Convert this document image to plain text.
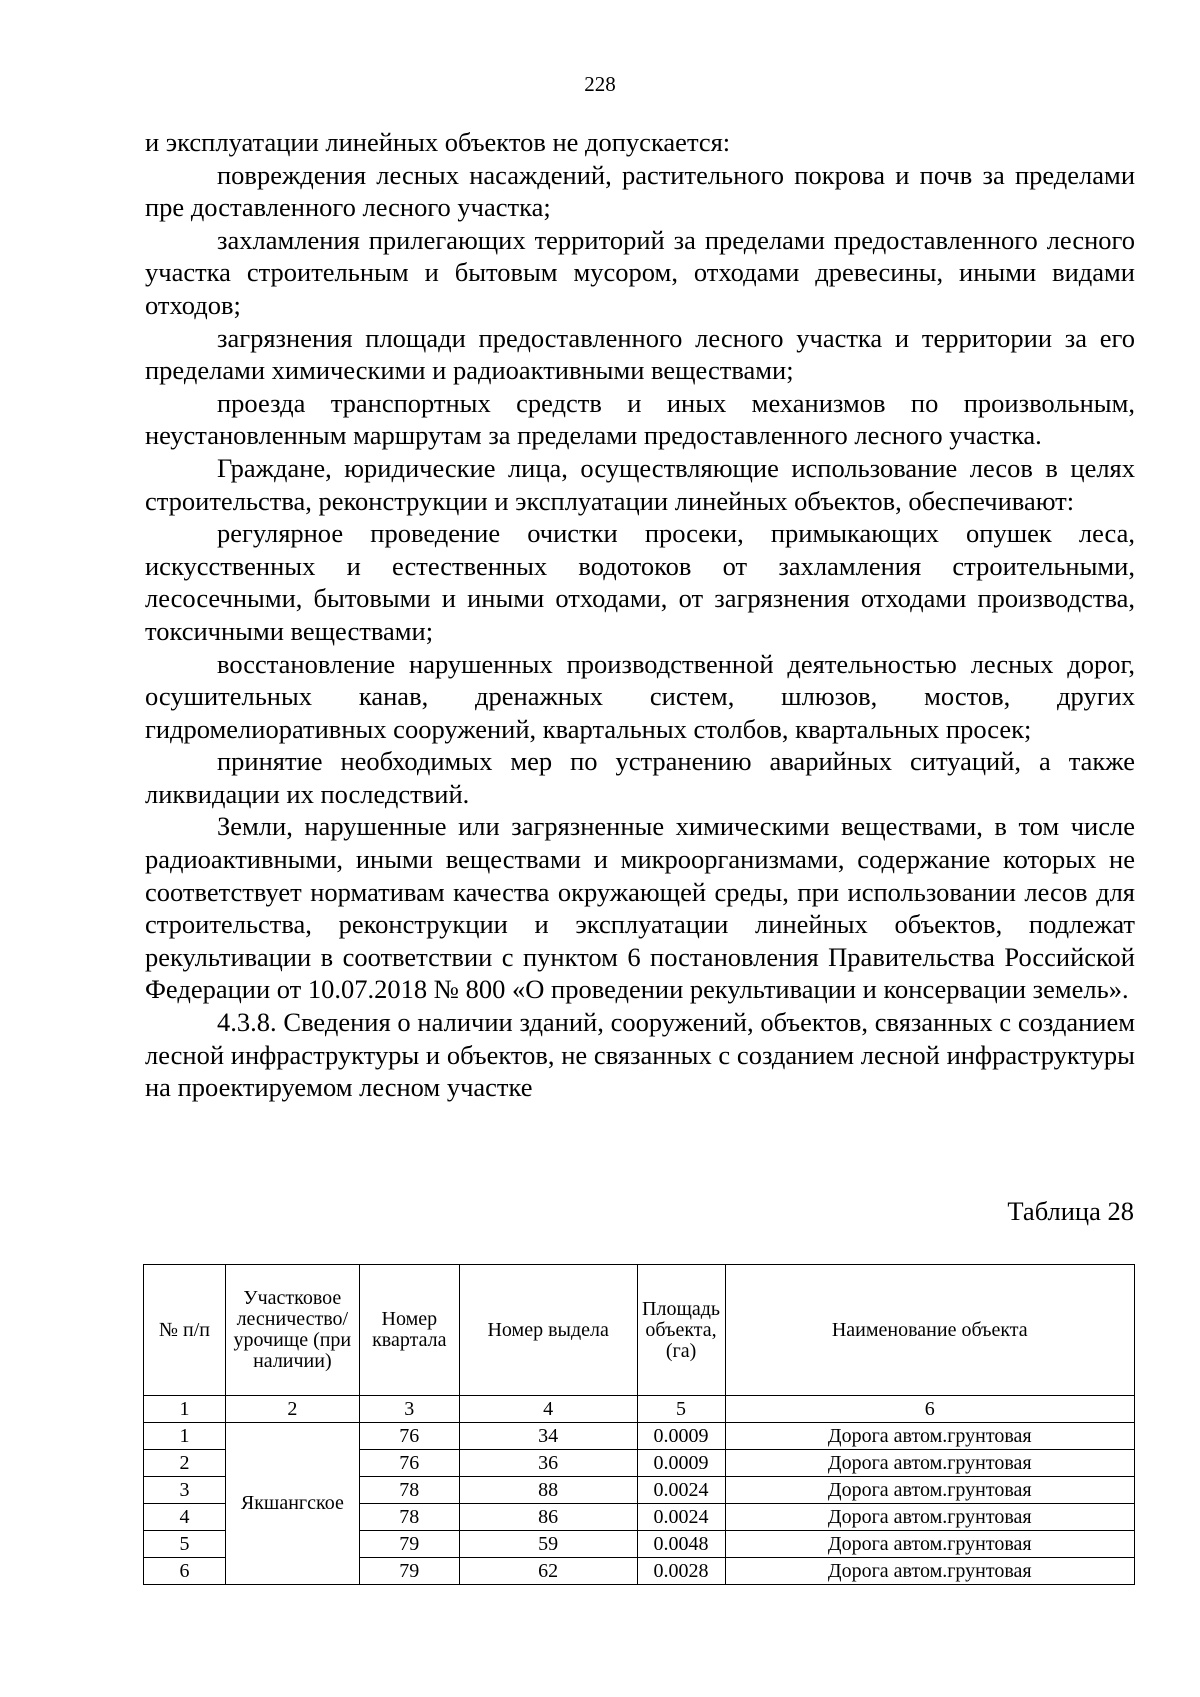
228

и эксплуатации линейных объектов не допускается:

повреждения лесных насаждений, растительного покрова и почв за пределами пре доставленного лесного участка;

захламления прилегающих территорий за пределами предоставленного лесного участка строительным и бытовым мусором, отходами древесины, иными видами отходов;

загрязнения площади предоставленного лесного участка и территории за его пределами химическими и радиоактивными веществами;

проезда транспортных средств и иных механизмов по произвольным, неустановленным маршрутам за пределами предоставленного лесного участка.

Граждане, юридические лица, осуществляющие использование лесов в целях строительства, реконструкции и эксплуатации линейных объектов, обеспечивают:

регулярное проведение очистки просеки, примыкающих опушек леса, искусственных и естественных водотоков от захламления строительными, лесосечными, бытовыми и иными отходами, от загрязнения отходами производства, токсичными веществами;

восстановление нарушенных производственной деятельностью лесных дорог, осушительных канав, дренажных систем, шлюзов, мостов, других гидромелиоративных сооружений, квартальных столбов, квартальных просек;

принятие необходимых мер по устранению аварийных ситуаций, а также ликвидации их последствий.

Земли, нарушенные или загрязненные химическими веществами, в том числе радиоактивными, иными веществами и микроорганизмами, содержание которых не соответствует нормативам качества окружающей среды, при использовании лесов для строительства, реконструкции и эксплуатации линейных объектов, подлежат рекультивации в соответствии с пунктом 6 постановления Правительства Российской Федерации от 10.07.2018 № 800 «О проведении рекультивации и консервации земель».

4.3.8. Сведения о наличии зданий, сооружений, объектов, связанных с созданием лесной инфраструктуры и объектов, не связанных с созданием лесной инфраструктуры на проектируемом лесном участке

Таблица 28
№ п/п	Участковое лесничество/ урочище (при наличии)	Номер квартала	Номер выдела	Площадь объекта, (га)	Наименование объекта
1	2	3	4	5	6
1	Якшангское	76	34	0.0009	Дорога автом.грунтовая
2		76	36	0.0009	Дорога автом.грунтовая
3		78	88	0.0024	Дорога автом.грунтовая
4		78	86	0.0024	Дорога автом.грунтовая
5		79	59	0.0048	Дорога автом.грунтовая
6		79	62	0.0028	Дорога автом.грунтовая
